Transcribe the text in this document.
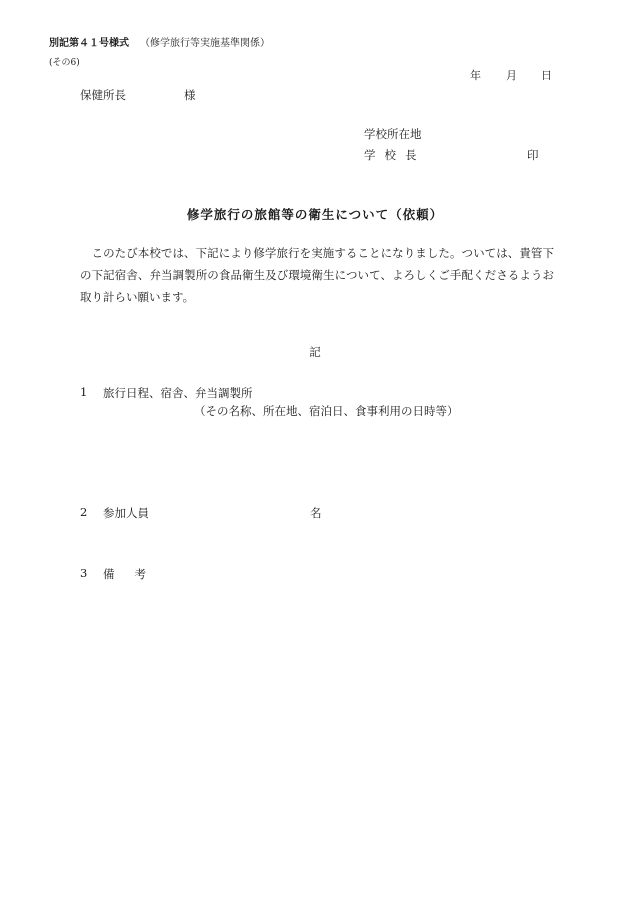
別記第４１号様式 （修学旅行等実施基準関係）
(その6)
年 月 日
保健所長	様
学校所在地
学校長	印
修学旅行の旅館等の衛生について（依頼）
このたび本校では、下記により修学旅行を実施することになりました。ついては、貴管下の下記宿舎、弁当調製所の食品衛生及び環境衛生について、よろしくご手配くださるようお取り計らい願います。
記
1 旅行日程、宿舎、弁当調製所
（その名称、所在地、宿泊日、食事利用の日時等）
2 参加人員	名
3 備考
